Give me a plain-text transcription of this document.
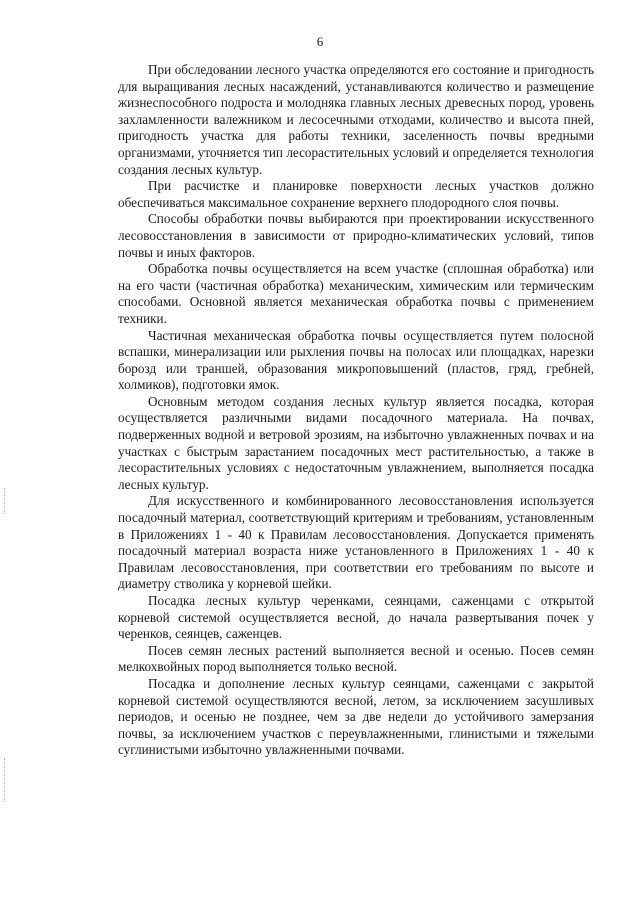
6

При обследовании лесного участка определяются его состояние и пригодность для выращивания лесных насаждений, устанавливаются количество и размещение жизнеспособного подроста и молодняка главных лесных древесных пород, уровень захламленности валежником и лесосечными отходами, количество и высота пней, пригодность участка для работы техники, заселенность почвы вредными организмами, уточняется тип лесорастительных условий и определяется технология создания лесных культур.

При расчистке и планировке поверхности лесных участков должно обеспечиваться максимальное сохранение верхнего плодородного слоя почвы.

Способы обработки почвы выбираются при проектировании искусственного лесовосстановления в зависимости от природно-климатических условий, типов почвы и иных факторов.

Обработка почвы осуществляется на всем участке (сплошная обработка) или на его части (частичная обработка) механическим, химическим или термическим способами. Основной является механическая обработка почвы с применением техники.

Частичная механическая обработка почвы осуществляется путем полосной вспашки, минерализации или рыхления почвы на полосах или площадках, нарезки борозд или траншей, образования микроповышений (пластов, гряд, гребней, холмиков), подготовки ямок.

Основным методом создания лесных культур является посадка, которая осуществляется различными видами посадочного материала. На почвах, подверженных водной и ветровой эрозиям, на избыточно увлажненных почвах и на участках с быстрым зарастанием посадочных мест растительностью, а также в лесорастительных условиях с недостаточным увлажнением, выполняется посадка лесных культур.

Для искусственного и комбинированного лесовосстановления используется посадочный материал, соответствующий критериям и требованиям, установленным в Приложениях 1 - 40 к Правилам лесовосстановления. Допускается применять посадочный материал возраста ниже установленного в Приложениях 1 - 40 к Правилам лесовосстановления, при соответствии его требованиям по высоте и диаметру стволика у корневой шейки.

Посадка лесных культур черенками, сеянцами, саженцами с открытой корневой системой осуществляется весной, до начала развертывания почек у черенков, сеянцев, саженцев.

Посев семян лесных растений выполняется весной и осенью. Посев семян мелкохвойных пород выполняется только весной.

Посадка и дополнение лесных культур сеянцами, саженцами с закрытой корневой системой осуществляются весной, летом, за исключением засушливых периодов, и осенью не позднее, чем за две недели до устойчивого замерзания почвы, за исключением участков с переувлажненными, глинистыми и тяжелыми суглинистыми избыточно увлажненными почвами.
